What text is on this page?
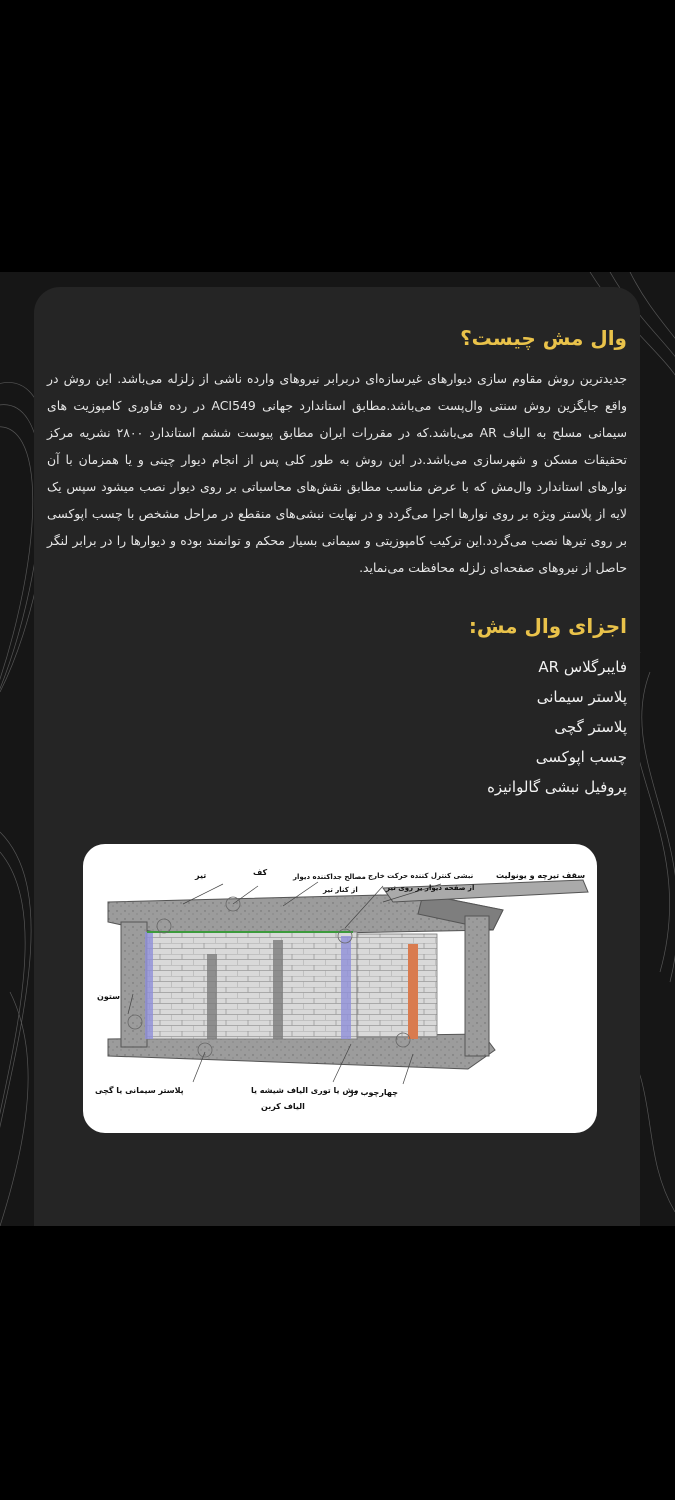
وال مش چیست؟

جدیدترین روش مقاوم سازی دیوارهای غیرسازه‌ای دربرابر نیروهای وارده ناشی از زلزله می‌باشد. این روش در واقع جایگزین روش سنتی وال‌پست می‌باشد.مطابق استاندارد جهانی ACI549 در رده فناوری کامپوزیت های سیمانی مسلح به الیاف AR می‌باشد.که در مقررات ایران مطابق پیوست ششم استاندارد ۲۸۰۰ نشریه مرکز تحقیقات مسکن و شهرسازی می‌باشد.در این روش به طور کلی پس از انجام دیوار چینی و یا همزمان با آن نوارهای استاندارد وال‌مش که با عرض مناسب مطابق نقش‌های محاسباتی بر روی دیوار نصب میشود سپس یک لایه از پلاستر ویژه بر روی نوارها اجرا می‌گردد و در نهایت نبشی‌های منقطع در مراحل مشخص با چسب اپوکسی بر روی تیرها نصب می‌گردد.این ترکیب کامپوزیتی و سیمانی بسیار محکم و توانمند بوده و دیوارها را در برابر لنگر حاصل از نیروهای صفحه‌ای زلزله محافظت می‌نماید.

اجزای وال مش:
فایبرگلاس AR
پلاستر سیمانی
پلاستر گچی
چسب اپوکسی
پروفیل نبشی گالوانیزه
سقف تیرچه و یونولیت
نبشی کنترل کننده حرکت خارج
از صفحه دیوار بر روی تیر
مصالح جداکننده دیوار
از کنار تیر
کف
تیر
ستون
پلاستر سیمانی یا گچی	مش یا توری الیاف شیشه یا
الیاف کربن
چهارچوب در
